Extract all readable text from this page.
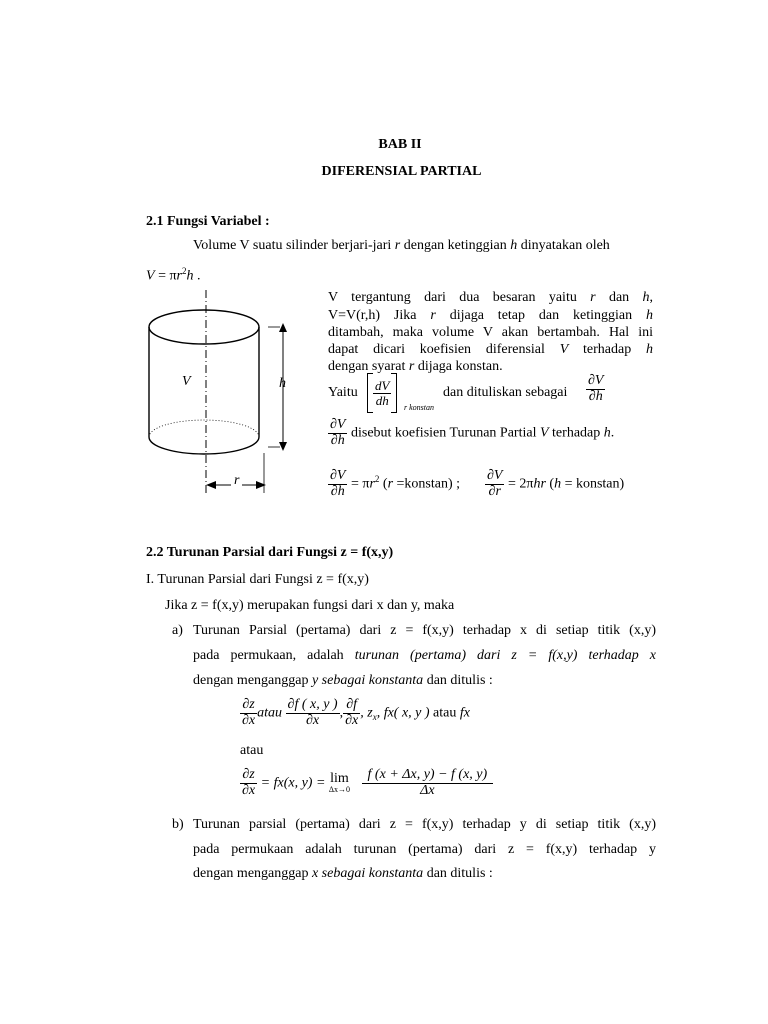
BAB II
DIFERENSIAL PARTIAL
2.1 Fungsi Variabel :
Volume V suatu silinder berjari-jari r dengan ketinggian h dinyatakan oleh
$V = \pi r^2h$ .
V	h
r
V tergantung dari dua besaran yaitu r dan h,
V=V(r,h) Jika r dijaga tetap dan ketinggian h
ditambah, maka volume V akan bertambah. Hal ini
dapat dicari koefisien diferensial V terhadap h
dengan syarat r dijaga konstan.
Yaitu $\frac{dV}{dh}$
r konstan
dan dituliskan sebagai $\frac{\partial V}{\partial h}$
$\frac{\partial V}{\partial h}$ disebut koefisien Turunan Partial V terhadap h.
$\frac{\partial V}{\partial h} = \pi r^2$ (r =konstan) ; $\frac{\partial V}{\partial r} = 2\pi hr$ (h = konstan)
2.2 Turunan Parsial dari Fungsi z = f(x,y)
I. Turunan Parsial dari Fungsi z = f(x,y)
Jika z = f(x,y) merupakan fungsi dari x dan y, maka
a) Turunan Parsial (pertama) dari z = f(x,y) terhadap x di setiap titik (x,y)
pada permukaan, adalah turunan (pertama) dari z = f(x,y) terhadap x
dengan menganggap y sebagai konstanta dan ditulis :
$\frac{\partial z}{\partial x}$ atau $\frac{\partial f ( x, y )}{\partial x}$ , $\frac{\partial f}{\partial x}$ , $z_x$, fx( x, y ) atau fx
atau
$\frac{\partial z}{\partial x} = fx(x$, y) = lim
Δx→0
$\frac{f (x + \Delta x, y) - f (x, y)}{\Delta x}$
b) Turunan parsial (pertama) dari z = f(x,y) terhadap y di setiap titik (x,y)
pada permukaan adalah turunan (pertama) dari z = f(x,y) terhadap y
dengan menganggap x sebagai konstanta dan ditulis :
